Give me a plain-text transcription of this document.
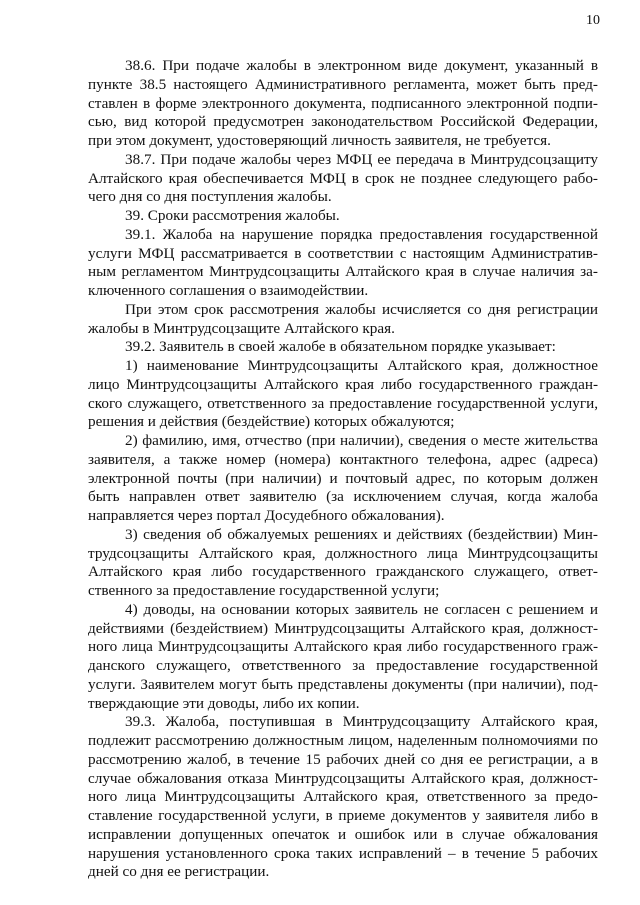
10
38.6. При подаче жалобы в электронном виде документ, указанный в
пункте 38.5 настоящего Административного регламента, может быть пред-
ставлен в форме электронного документа, подписанного электронной подпи-
сью, вид которой предусмотрен законодательством Российской Федерации,
при этом документ, удостоверяющий личность заявителя, не требуется.
38.7. При подаче жалобы через МФЦ ее передача в Минтрудсоцзащиту
Алтайского края обеспечивается МФЦ в срок не позднее следующего рабо-
чего дня со дня поступления жалобы.
39. Сроки рассмотрения жалобы.
39.1. Жалоба на нарушение порядка предоставления государственной
услуги МФЦ рассматривается в соответствии с настоящим Административ-
ным регламентом Минтрудсоцзащиты Алтайского края в случае наличия за-
ключенного соглашения о взаимодействии.
При этом срок рассмотрения жалобы исчисляется со дня регистрации
жалобы в Минтрудсоцзащите Алтайского края.
39.2. Заявитель в своей жалобе в обязательном порядке указывает:
1) наименование Минтрудсоцзащиты Алтайского края, должностное
лицо Минтрудсоцзащиты Алтайского края либо государственного граждан-
ского служащего, ответственного за предоставление государственной услуги,
решения и действия (бездействие) которых обжалуются;
2) фамилию, имя, отчество (при наличии), сведения о месте жительства
заявителя, а также номер (номера) контактного телефона, адрес (адреса)
электронной почты (при наличии) и почтовый адрес, по которым должен
быть направлен ответ заявителю (за исключением случая, когда жалоба
направляется через портал Досудебного обжалования).
3) сведения об обжалуемых решениях и действиях (бездействии) Мин-
трудсоцзащиты Алтайского края, должностного лица Минтрудсоцзащиты
Алтайского края либо государственного гражданского служащего, ответ-
ственного за предоставление государственной услуги;
4) доводы, на основании которых заявитель не согласен с решением и
действиями (бездействием) Минтрудсоцзащиты Алтайского края, должност-
ного лица Минтрудсоцзащиты Алтайского края либо государственного граж-
данского служащего, ответственного за предоставление государственной
услуги. Заявителем могут быть представлены документы (при наличии), под-
тверждающие эти доводы, либо их копии.
39.3. Жалоба, поступившая в Минтрудсоцзащиту Алтайского края,
подлежит рассмотрению должностным лицом, наделенным полномочиями по
рассмотрению жалоб, в течение 15 рабочих дней со дня ее регистрации, а в
случае обжалования отказа Минтрудсоцзащиты Алтайского края, должност-
ного лица Минтрудсоцзащиты Алтайского края, ответственного за предо-
ставление государственной услуги, в приеме документов у заявителя либо в
исправлении допущенных опечаток и ошибок или в случае обжалования
нарушения установленного срока таких исправлений – в течение 5 рабочих
дней со дня ее регистрации.
